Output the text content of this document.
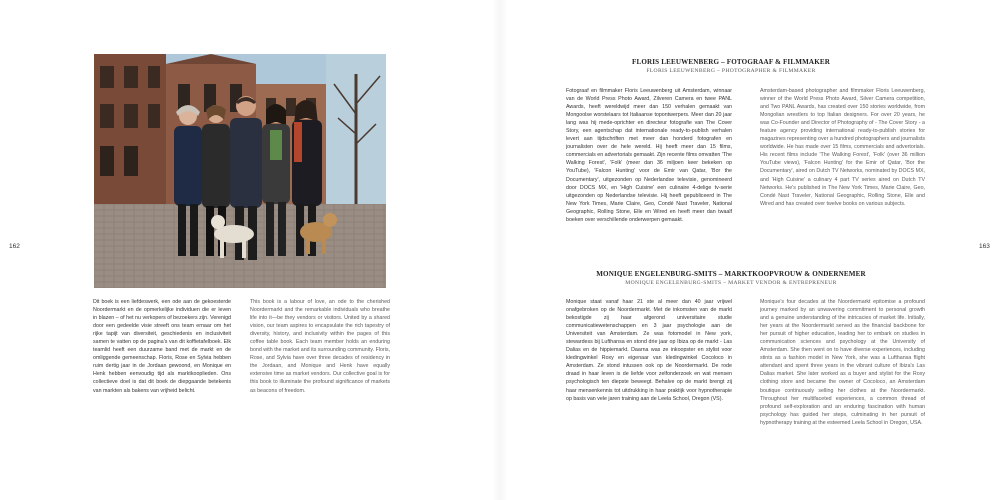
162	163

Dit boek is een liefdeswerk, een ode aan de gekoesterde Noordermarkt en de opmerkelijke individuen die er leven in blazen – of het nu verkopers of bezoekers zijn. Verenigd door een gedeelde visie streeft ons team ernaar om het rijke tapijt van diversiteit, geschiedenis en inclusiviteit samen te vatten op de pagina's van dit koffietafelboek. Elk teamlid heeft een duurzame band met de markt en de omliggende gemeenschap. Floris, Rose en Sylvia hebben ruim dertig jaar in de Jordaan gewoond, en Monique en Henk hebben eenvoudig tijd als marktkooplieden. Ons collectieve doel is dat dit boek de diepgaande betekenis van markten als bakens van vrijheid belicht.

This book is a labour of love, an ode to the cherished Noordermarkt and the remarkable individuals who breathe life into it—be they vendors or visitors. United by a shared vision, our team aspires to encapsulate the rich tapestry of diversity, history, and inclusivity within the pages of this coffee table book. Each team member holds an enduring bond with the market and its surrounding community. Floris, Rose, and Sylvia have over three decades of residency in the Jordaan, and Monique and Henk have equally extensive time as market vendors. Our collective goal is for this book to illuminate the profound significance of markets as beacons of freedom.

FLORIS LEEUWENBERG – FOTOGRAAF & FILMMAKER
FLORIS LEEUWENBERG – PHOTOGRAPHER & FILMMAKER

Fotograaf en filmmaker Floris Leeuwenberg uit Amsterdam, winnaar van de World Press Photo Award, Zilveren Camera en twee PANL Awards, heeft wereldwijd meer dan 150 verhalen gemaakt van Mongoolse worstelaars tot Italiaanse topontwerpers. Meer dan 20 jaar lang was hij mede-oprichter en directeur fotografie van The Cover Story, een agentschap dat internationale ready-to-publish verhalen levert aan tijdschriften met meer dan honderd fotografen en journalisten over de hele wereld. Hij heeft meer dan 15 films, commercials en advertorials gemaakt. Zijn recente films omvatten 'The Walking Forest', 'Folk' (meer dan 36 miljoen keer bekeken op YouTube), 'Falcon Hunting' voor de Emir van Qatar, 'Bor the Documentary', uitgezonden op Nederlandse televisie, genomineerd door DOCS MX, en 'High Cuisine' een culinaire 4-delige tv-serie uitgezonden op Nederlandse televisie. Hij heeft gepubliceerd in The New York Times, Marie Claire, Geo, Condé Nast Traveler, National Geographic, Rolling Stone, Elle en Wired en heeft meer dan twaalf boeken over verschillende onderwerpen gemaakt.

Amsterdam-based photographer and filmmaker Floris Leeuwenberg, winner of the World Press Photo Award, Silver Camera competition, and Two PANL Awards, has created over 150 stories worldwide, from Mongolian wrestlers to top Italian designers. For over 20 years, he was Co-Founder and Director of Photography of - The Cover Story - a feature agency providing international ready-to-publish stories for magazines representing over a hundred photographers and journalists worldwide. He has made over 15 films, commercials and advertorials. His recent films include 'The Walking Forest', 'Folk' (over 36 million YouTube views), 'Falcon Hunting' for the Emir of Qatar, 'Bor the Documentary', aired on Dutch TV Networks, nominated by DOCS MX, and 'High Cuisine' a culinary 4 part TV series aired on Dutch TV Networks. He's published in The New York Times, Marie Claire, Geo, Condé Nast Traveler, National Geographic, Rolling Stone, Elle and Wired and has created over twelve books on various subjects.

MONIQUE ENGELENBURG-SMITS – MARKTKOOPVROUW & ONDERNEMER
MONIQUE ENGELENBURG-SMITS – MARKET VENDOR & ENTREPRENEUR

Monique staat vanaf haar 21 ste al meer dan 40 jaar vrijwel onafgebroken op de Noordermarkt. Met de inkomsten van de markt bekostigde zij haar afgerond universitaire studie communicatiewetenschappen en 3 jaar psychologie aan de Universiteit van Amsterdam. Ze was fotomodel in New york, stewardess bij Lufthansa en stond drie jaar op Ibiza op de markt - Las Dalias en de hippiemarkt. Daarna was ze inkoopster en stylist voor kledingwinkel Roxy en eigenaar van kledingwinkel Cocoloco in Amsterdam. Ze stond intussen ook op de Noordermarkt. De rode draad in haar leven is de liefde voor zelfonderzoek en wat mensen psychologisch ten diepste beweegt. Behalve op de markt brengt zij haar mensenkennis tot uitdrukking in haar praktijk voor hypnotherapie op basis van vele jaren training aan de Leela School, Oregon (VS).

Monique's four decades at the Noordermarkt epitomise a profound journey marked by an unwavering commitment to personal growth and a genuine understanding of the intricacies of market life. Initially, her years at the Noordermarkt served as the financial backbone for her pursuit of higher education, leading her to embark on studies in communication sciences and psychology at the University of Amsterdam. She then went on to have diverse experiences, including stints as a fashion model in New York, she was a Lufthansa flight attendant and spent three years in the vibrant culture of Ibiza's Las Dalias market. She later worked as a buyer and stylist for the Roxy clothing store and became the owner of Cocoloco, an Amsterdam boutique continuously selling her clothes at the Noordermarkt. Throughout her multifaceted experiences, a common thread of profound self-exploration and an enduring fascination with human psychology has guided her steps, culminating in her pursuit of hypnotherapy training at the esteemed Leela School in Oregon, USA.
